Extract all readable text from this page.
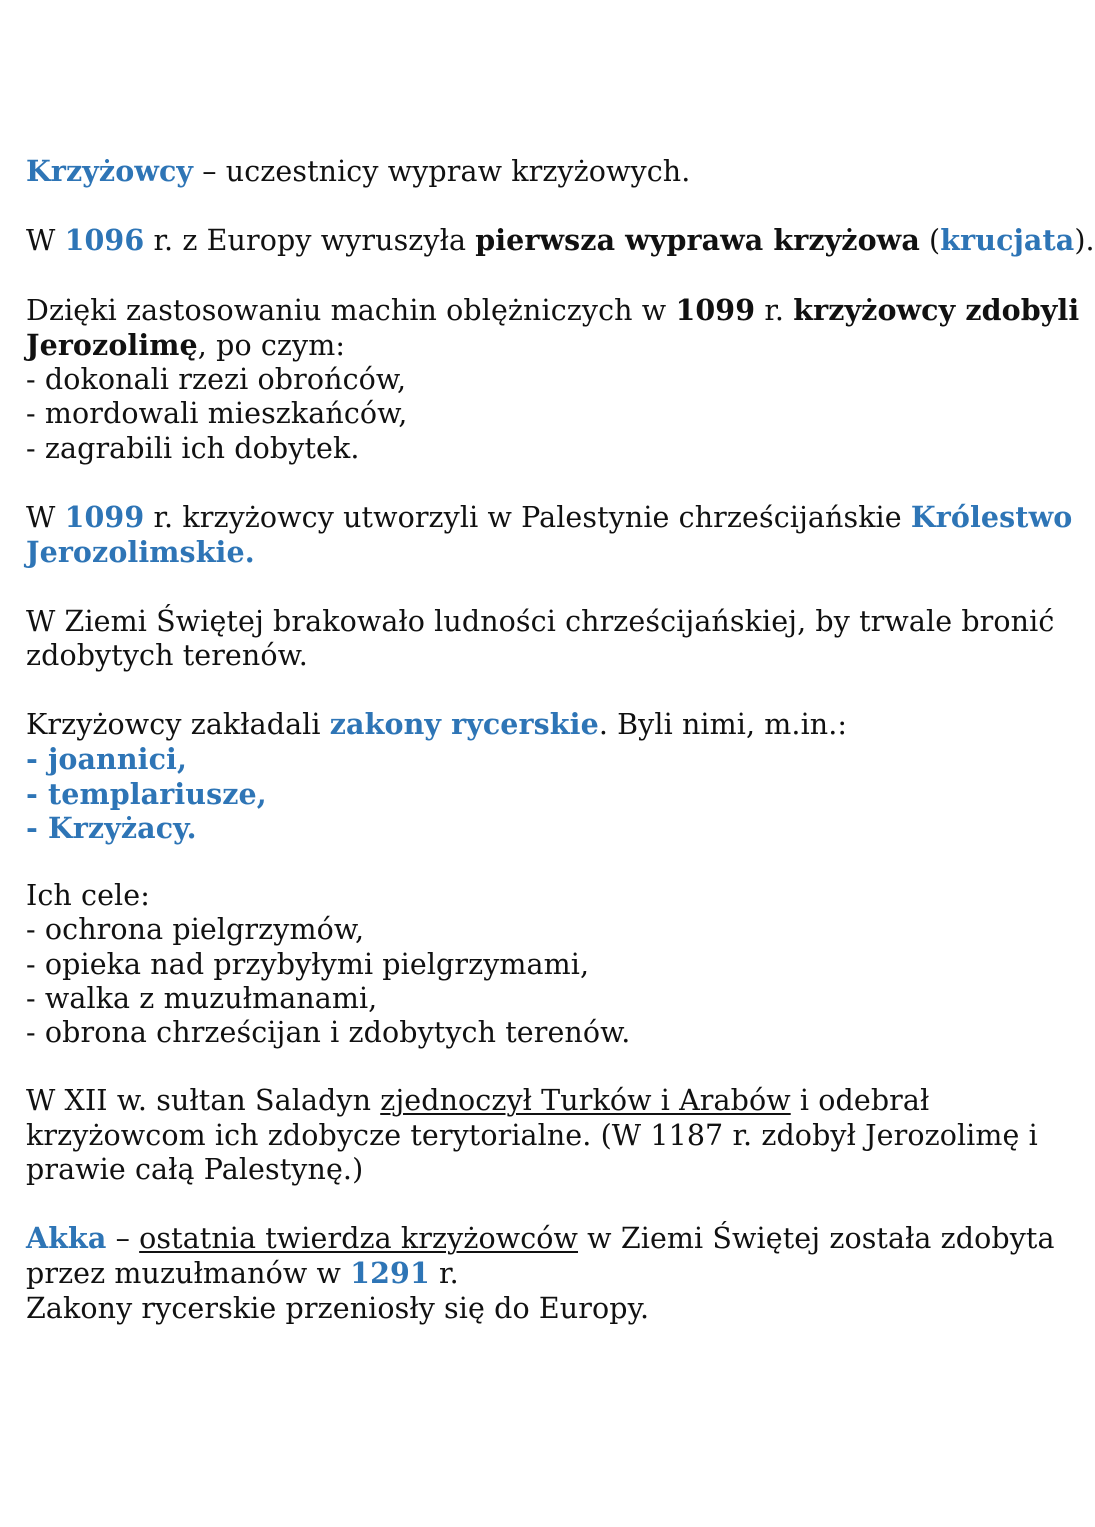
Krzyżowcy – uczestnicy wypraw krzyżowych.
W 1096 r. z Europy wyruszyła pierwsza wyprawa krzyżowa (krucjata).
Dzięki zastosowaniu machin oblężniczych w 1099 r. krzyżowcy zdobyli
Jerozolimę, po czym:
- dokonali rzezi obrońców,
- mordowali mieszkańców,
- zagrabili ich dobytek.
W 1099 r. krzyżowcy utworzyli w Palestynie chrześcijańskie Królestwo
Jerozolimskie.
W Ziemi Świętej brakowało ludności chrześcijańskiej, by trwale bronić
zdobytych terenów.
Krzyżowcy zakładali zakony rycerskie. Byli nimi, m.in.:
- joannici,
- templariusze,
- Krzyżacy.
Ich cele:
- ochrona pielgrzymów,
- opieka nad przybyłymi pielgrzymami,
- walka z muzułmanami,
- obrona chrześcijan i zdobytych terenów.
W XII w. sułtan Saladyn zjednoczył Turków i Arabów i odebrał
krzyżowcom ich zdobycze terytorialne. (W 1187 r. zdobył Jerozolimę i
prawie całą Palestynę.)
Akka – ostatnia twierdza krzyżowców w Ziemi Świętej została zdobyta
przez muzułmanów w 1291 r.
Zakony rycerskie przeniosły się do Europy.
